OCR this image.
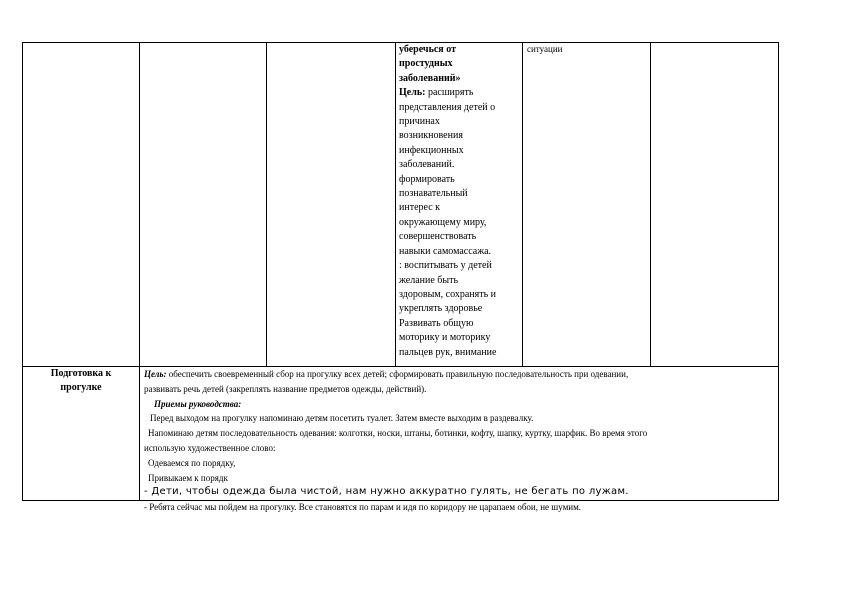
уберечься от
простудных
заболеваний»
Цель: расширять
представления детей о
причинах
возникновения
инфекционных
заболеваний.
формировать
познавательный
интерес к
окружающему миру,
совершенствовать
навыки самомассажа.
: воспитывать у детей
желание быть
здоровым, сохранять и
укреплять здоровье
Развивать общую
моторику и моторику
пальцев рук, внимание
ситуации
Подготовка к
прогулке
Цель: обеспечить своевременный сбор на прогулку всех детей; сформировать правильную последовательность при одевании,
развивать речь детей (закреплять название предметов одежды, действий).
Приемы руководства:
Перед выходом на прогулку напоминаю детям посетить туалет. Затем вместе выходим в раздевалку.
Напоминаю детям последовательность одевания: колготки, носки, штаны, ботинки, кофту, шапку, куртку, шарфик. Во время этого
использую художественное слово:
Одеваемся по порядку,
Привыкаем к порядк
- Дети, чтобы одежда была чистой, нам нужно аккуратно гулять, не бегать по лужам.
- Ребята сейчас мы пойдем на прогулку. Все становятся по парам и идя по коридору не царапаем обои, не шумим.
